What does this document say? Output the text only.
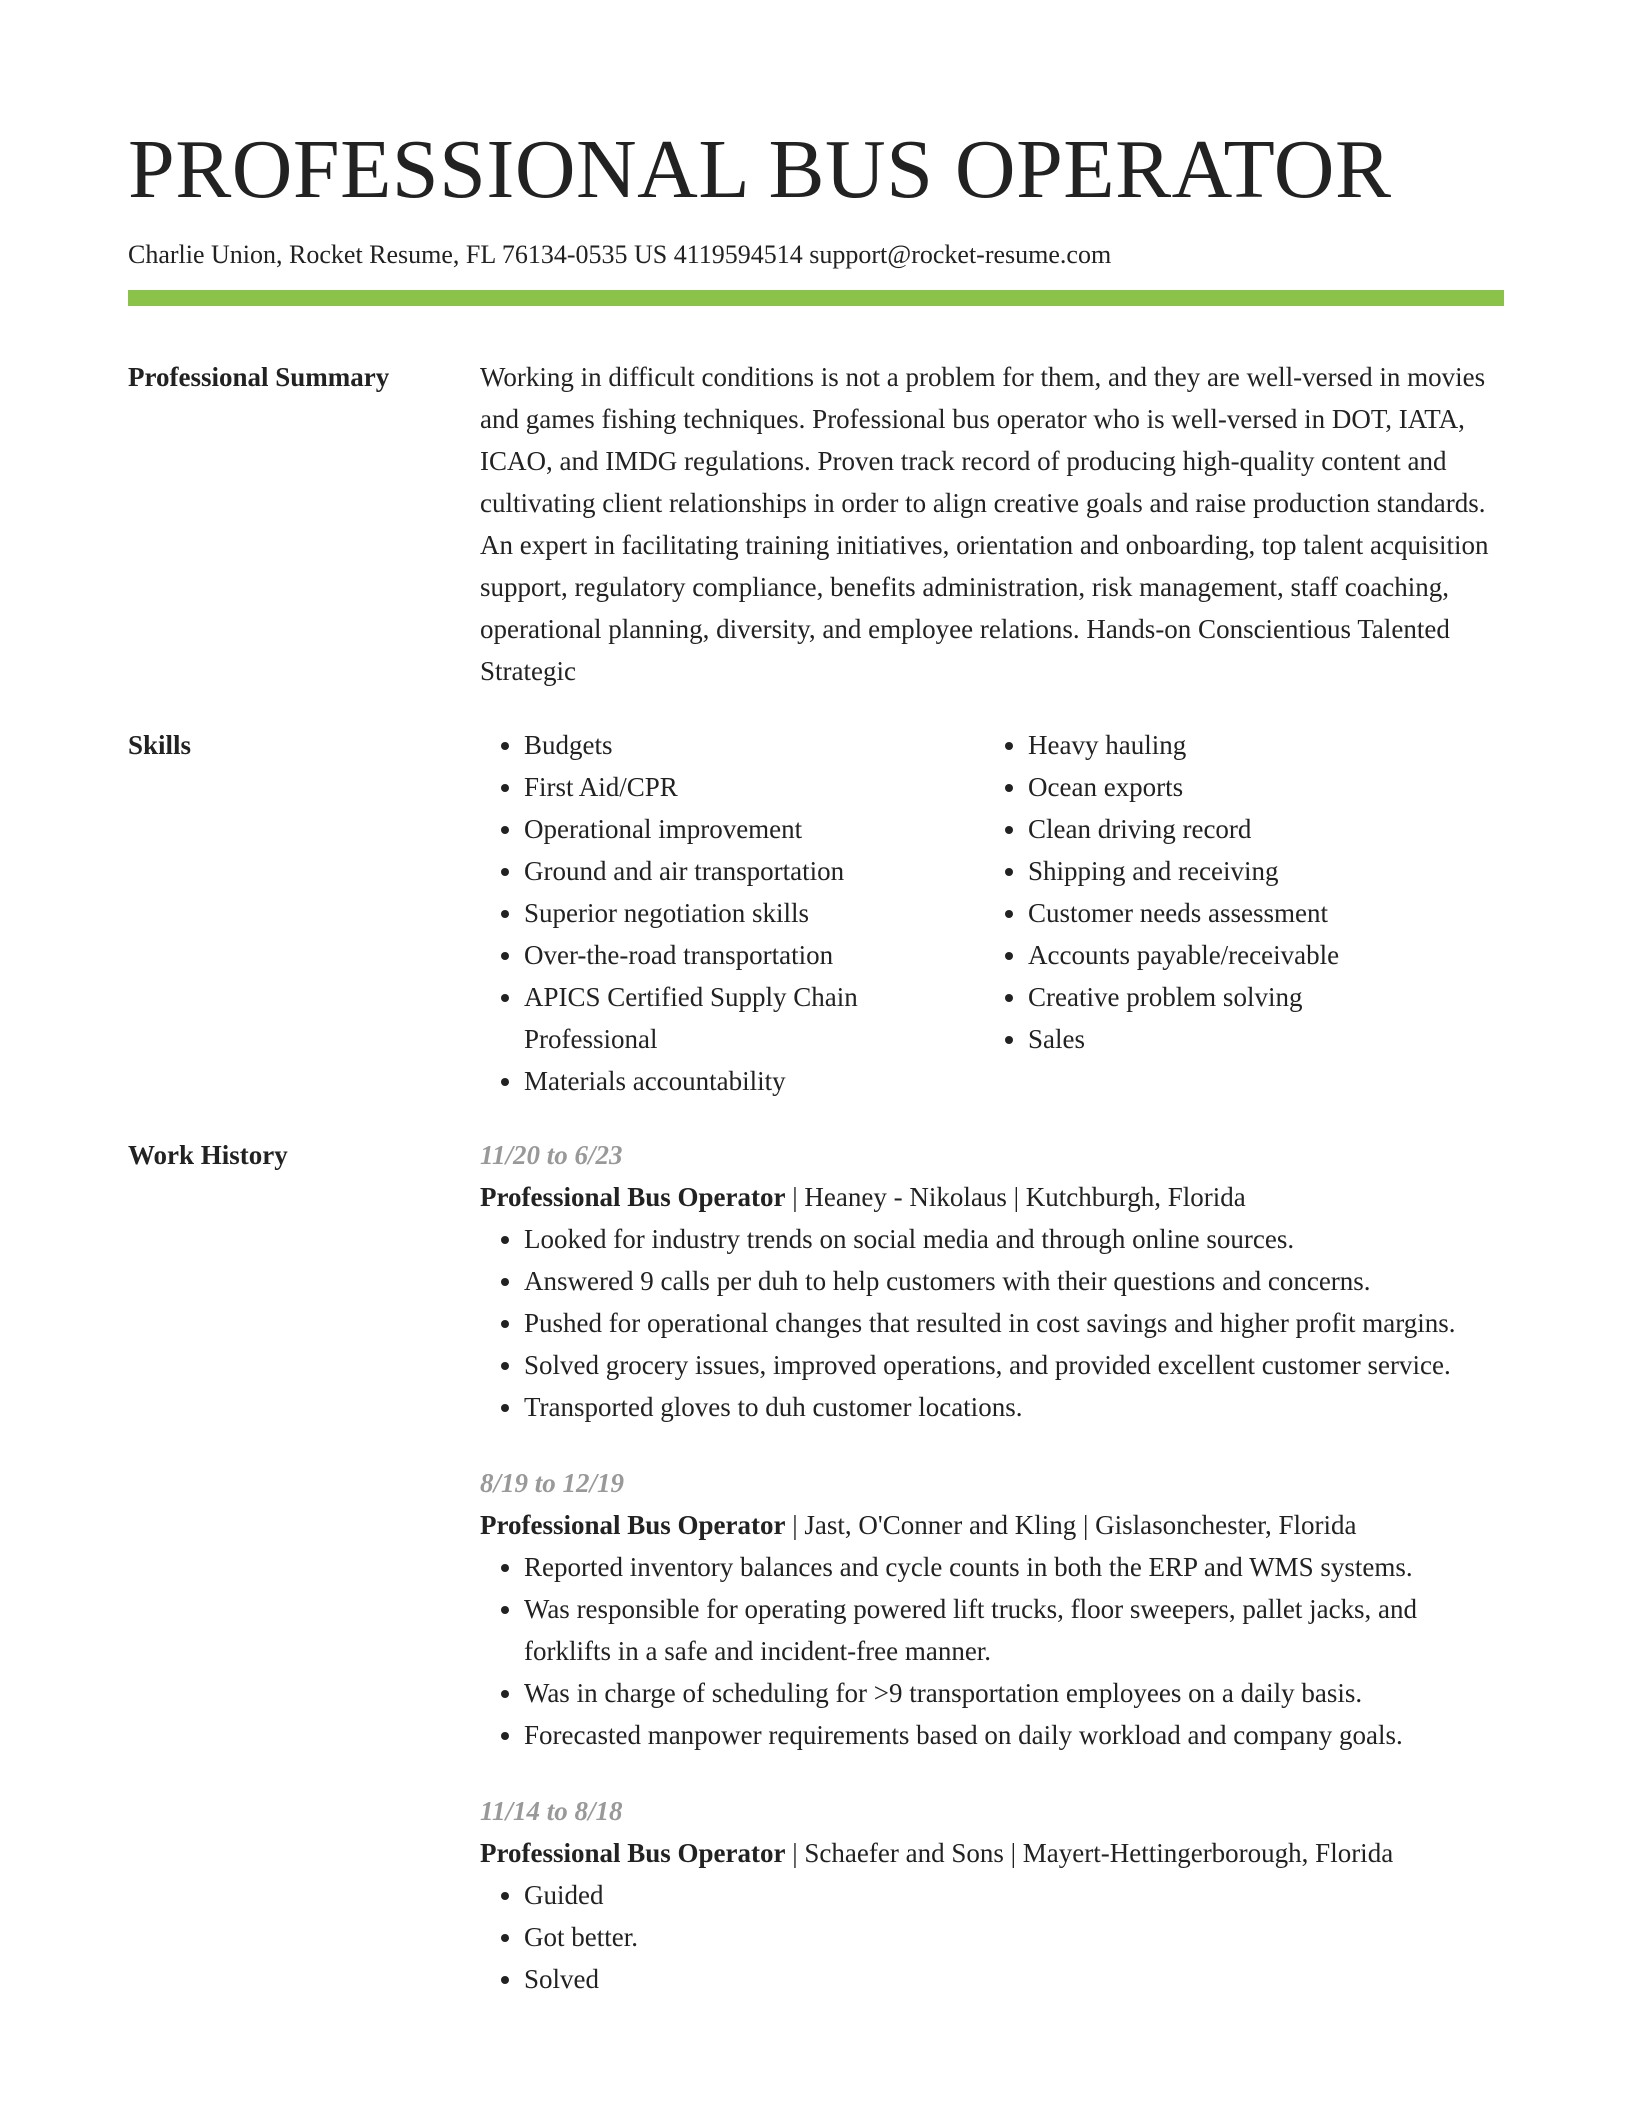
PROFESSIONAL BUS OPERATOR
Charlie Union, Rocket Resume, FL 76134-0535 US 4119594514 support@rocket-resume.com
Professional Summary	Working in difficult conditions is not a problem for them, and they are well-versed in movies and games fishing techniques. Professional bus operator who is well-versed in DOT, IATA, ICAO, and IMDG regulations. Proven track record of producing high-quality content and cultivating client relationships in order to align creative goals and raise production standards. An expert in facilitating training initiatives, orientation and onboarding, top talent acquisition support, regulatory compliance, benefits administration, risk management, staff coaching, operational planning, diversity, and employee relations. Hands-on Conscientious Talented Strategic

Skills
•	Budgets
• First Aid/CPR
• Operational improvement
• Ground and air transportation
• Superior negotiation skills
• Over-the-road transportation
• APICS Certified Supply Chain Professional
• Materials accountability
• Heavy hauling
• Ocean exports
• Clean driving record
• Shipping and receiving
• Customer needs assessment
• Accounts payable/receivable
• Creative problem solving
• Sales
Work History	11/20 to 6/23
Professional Bus Operator | Heaney - Nikolaus | Kutchburgh, Florida
• Looked for industry trends on social media and through online sources.
• Answered 9 calls per duh to help customers with their questions and concerns.
• Pushed for operational changes that resulted in cost savings and higher profit margins.
• Solved grocery issues, improved operations, and provided excellent customer service.
• Transported gloves to duh customer locations.
8/19 to 12/19
Professional Bus Operator | Jast, O'Conner and Kling | Gislasonchester, Florida
• Reported inventory balances and cycle counts in both the ERP and WMS systems.
• Was responsible for operating powered lift trucks, floor sweepers, pallet jacks, and forklifts in a safe and incident-free manner.
• Was in charge of scheduling for >9 transportation employees on a daily basis.
• Forecasted manpower requirements based on daily workload and company goals.
11/14 to 8/18
Professional Bus Operator | Schaefer and Sons | Mayert-Hettingerborough, Florida
• Guided
• Got better.
• Solved
